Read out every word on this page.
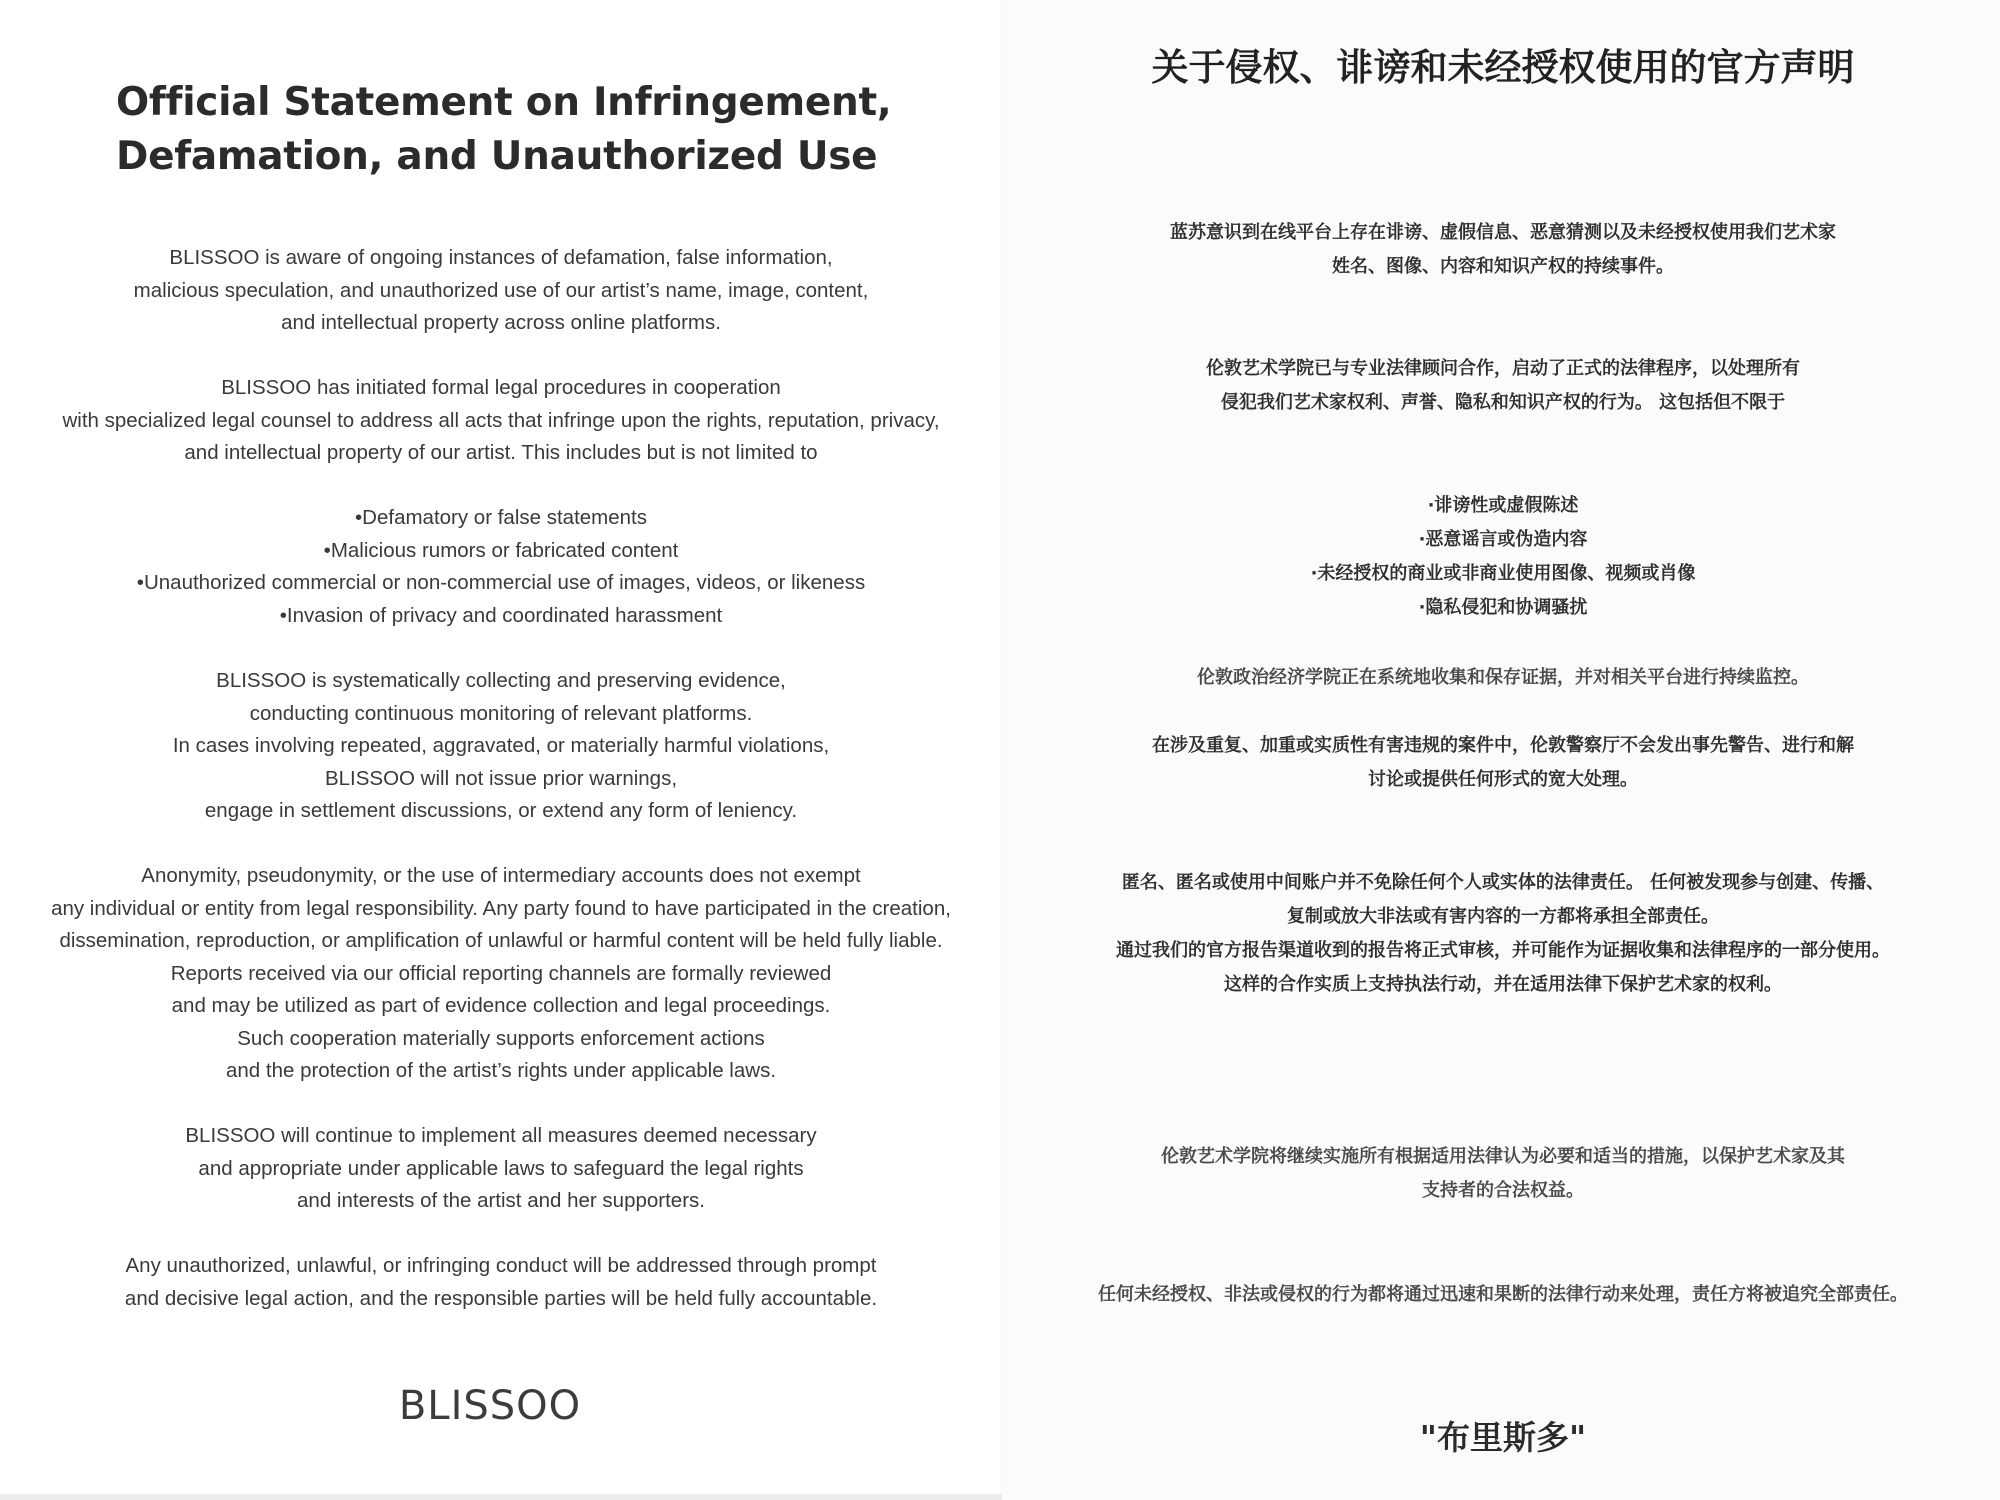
Official Statement on Infringement,
Defamation, and Unauthorized Use

BLISSOO is aware of ongoing instances of defamation, false information,
malicious speculation, and unauthorized use of our artist’s name, image, content,
and intellectual property across online platforms.

BLISSOO has initiated formal legal procedures in cooperation
with specialized legal counsel to address all acts that infringe upon the rights, reputation, privacy,
and intellectual property of our artist. This includes but is not limited to

•Defamatory or false statements
•Malicious rumors or fabricated content
•Unauthorized commercial or non-commercial use of images, videos, or likeness
•Invasion of privacy and coordinated harassment

BLISSOO is systematically collecting and preserving evidence,
conducting continuous monitoring of relevant platforms.
In cases involving repeated, aggravated, or materially harmful violations,
BLISSOO will not issue prior warnings,
engage in settlement discussions, or extend any form of leniency.

Anonymity, pseudonymity, or the use of intermediary accounts does not exempt
any individual or entity from legal responsibility. Any party found to have participated in the creation,
dissemination, reproduction, or amplification of unlawful or harmful content will be held fully liable.
Reports received via our official reporting channels are formally reviewed
and may be utilized as part of evidence collection and legal proceedings.
Such cooperation materially supports enforcement actions
and the protection of the artist’s rights under applicable laws.

BLISSOO will continue to implement all measures deemed necessary
and appropriate under applicable laws to safeguard the legal rights
and interests of the artist and her supporters.

Any unauthorized, unlawful, or infringing conduct will be addressed through prompt
and decisive legal action, and the responsible parties will be held fully accountable.

BLISSOO
关于侵权、诽谤和未经授权使用的官方声明

蓝苏意识到在线平台上存在诽谤、虚假信息、恶意猜测以及未经授权使用我们艺术家
姓名、图像、内容和知识产权的持续事件。

伦敦艺术学院已与专业法律顾问合作，启动了正式的法律程序，以处理所有
侵犯我们艺术家权利、声誉、隐私和知识产权的行为。 这包括但不限于

·诽谤性或虚假陈述
·恶意谣言或伪造内容
·未经授权的商业或非商业使用图像、视频或肖像
·隐私侵犯和协调骚扰

伦敦政治经济学院正在系统地收集和保存证据，并对相关平台进行持续监控。

在涉及重复、加重或实质性有害违规的案件中，伦敦警察厅不会发出事先警告、进行和解
讨论或提供任何形式的宽大处理。

匿名、匿名或使用中间账户并不免除任何个人或实体的法律责任。 任何被发现参与创建、传播、
复制或放大非法或有害内容的一方都将承担全部责任。
通过我们的官方报告渠道收到的报告将正式审核，并可能作为证据收集和法律程序的一部分使用。
这样的合作实质上支持执法行动，并在适用法律下保护艺术家的权利。

伦敦艺术学院将继续实施所有根据适用法律认为必要和适当的措施，以保护艺术家及其
支持者的合法权益。

任何未经授权、非法或侵权的行为都将通过迅速和果断的法律行动来处理，责任方将被追究全部责任。

"布里斯多"
